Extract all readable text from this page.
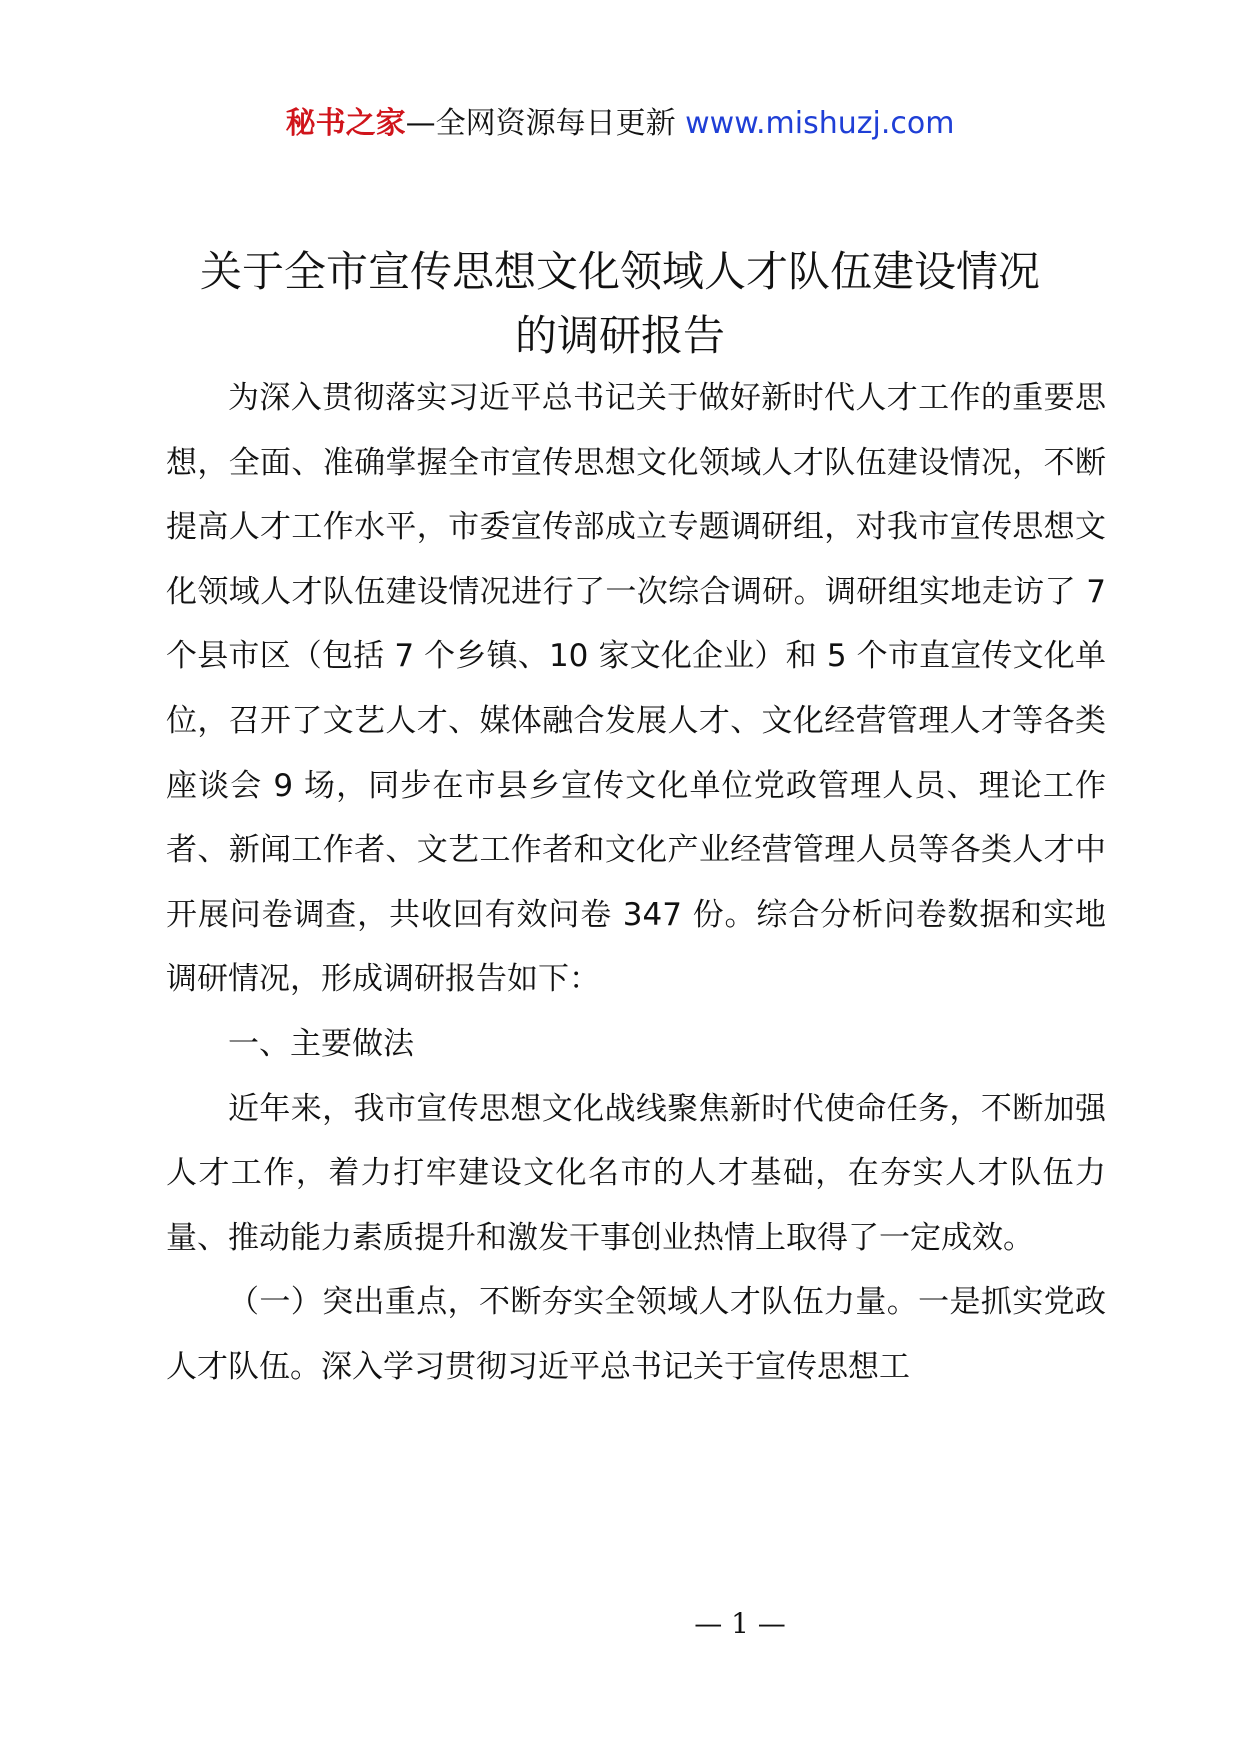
秘书之家—全网资源每日更新 www.mishuzj.com
关于全市宣传思想文化领域人才队伍建设情况
的调研报告

为深入贯彻落实习近平总书记关于做好新时代人才工作的重要思想，全面、准确掌握全市宣传思想文化领域人才队伍建设情况，不断提高人才工作水平，市委宣传部成立专题调研组，对我市宣传思想文化领域人才队伍建设情况进行了一次综合调研。调研组实地走访了 7 个县市区（包括 7 个乡镇、10 家文化企业）和 5 个市直宣传文化单位，召开了文艺人才、媒体融合发展人才、文化经营管理人才等各类座谈会 9 场，同步在市县乡宣传文化单位党政管理人员、理论工作者、新闻工作者、文艺工作者和文化产业经营管理人员等各类人才中开展问卷调查，共收回有效问卷 347 份。综合分析问卷数据和实地调研情况，形成调研报告如下：

一、主要做法

近年来，我市宣传思想文化战线聚焦新时代使命任务，不断加强人才工作，着力打牢建设文化名市的人才基础，在夯实人才队伍力量、推动能力素质提升和激发干事创业热情上取得了一定成效。

（一）突出重点，不断夯实全领域人才队伍力量。一是抓实党政人才队伍。深入学习贯彻习近平总书记关于宣传思想工

— 1 —
